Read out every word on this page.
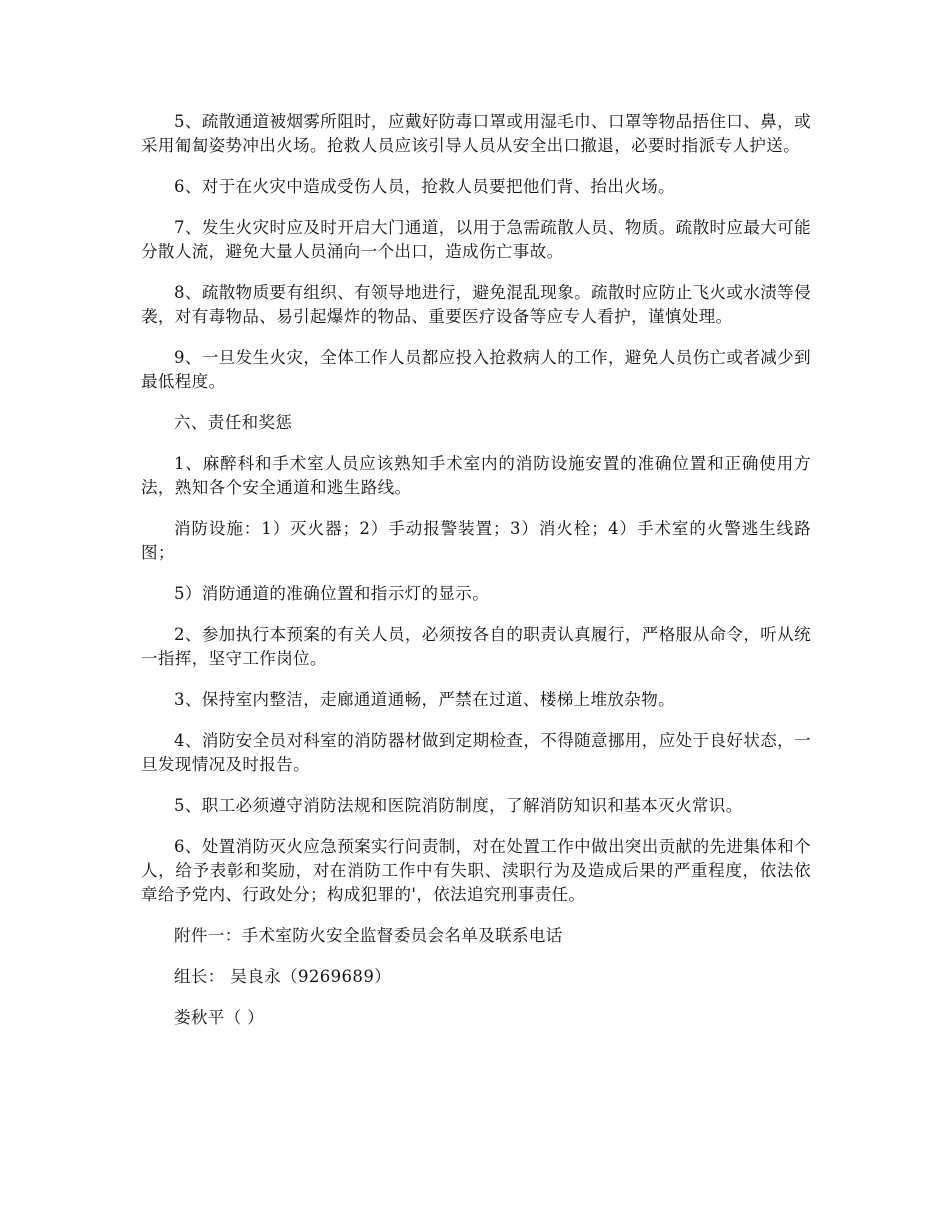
5、疏散通道被烟雾所阻时，应戴好防毒口罩或用湿毛巾、口罩等物品捂住口、鼻，或采用匍匐姿势冲出火场。抢救人员应该引导人员从安全出口撤退，必要时指派专人护送。

6、对于在火灾中造成受伤人员，抢救人员要把他们背、抬出火场。

7、发生火灾时应及时开启大门通道，以用于急需疏散人员、物质。疏散时应最大可能分散人流，避免大量人员涌向一个出口，造成伤亡事故。

8、疏散物质要有组织、有领导地进行，避免混乱现象。疏散时应防止飞火或水渍等侵袭，对有毒物品、易引起爆炸的物品、重要医疗设备等应专人看护，谨慎处理。

9、一旦发生火灾，全体工作人员都应投入抢救病人的工作，避免人员伤亡或者减少到最低程度。

六、责任和奖惩

1、麻醉科和手术室人员应该熟知手术室内的消防设施安置的准确位置和正确使用方法，熟知各个安全通道和逃生路线。

消防设施：1）灭火器；2）手动报警装置；3）消火栓；4）手术室的火警逃生线路图；

5）消防通道的准确位置和指示灯的显示。

2、参加执行本预案的有关人员，必须按各自的职责认真履行，严格服从命令，听从统一指挥，坚守工作岗位。

3、保持室内整洁，走廊通道通畅，严禁在过道、楼梯上堆放杂物。

4、消防安全员对科室的消防器材做到定期检查，不得随意挪用，应处于良好状态，一旦发现情况及时报告。

5、职工必须遵守消防法规和医院消防制度，了解消防知识和基本灭火常识。

6、处置消防灭火应急预案实行问责制，对在处置工作中做出突出贡献的先进集体和个人，给予表彰和奖励，对在消防工作中有失职、渎职行为及造成后果的严重程度，依法依章给予党内、行政处分；构成犯罪的'，依法追究刑事责任。

附件一：手术室防火安全监督委员会名单及联系电话

组长： 吴良永（9269689）

娄秋平（ ）
